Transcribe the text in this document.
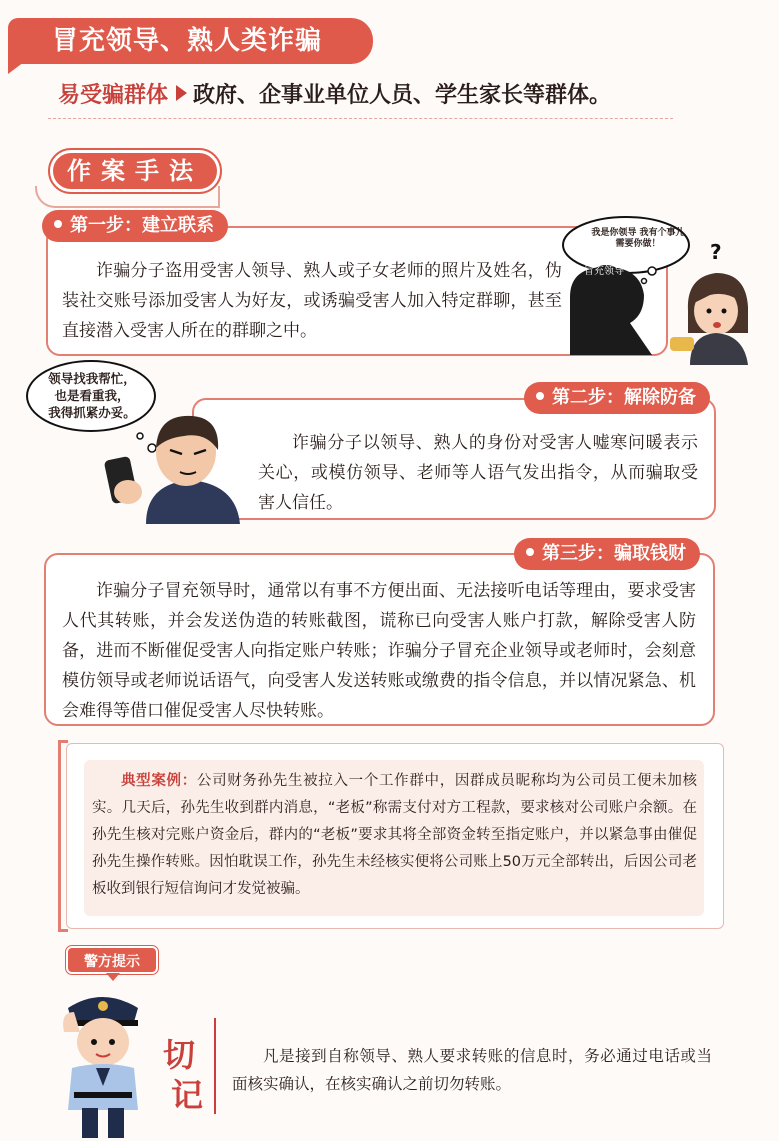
冒充领导、熟人类诈骗
易受骗群体 政府、企事业单位人员、学生家长等群体。
作案手法
第一步：建立联系
诈骗分子盗用受害人领导、熟人或子女老师的照片及姓名，伪装社交账号添加受害人为好友，或诱骗受害人加入特定群聊，甚至直接潜入受害人所在的群聊之中。
?
我是你领导 我有个事儿 需要你做！
冒充领导
第二步：解除防备
诈骗分子以领导、熟人的身份对受害人嘘寒问暖表示关心，或模仿领导、老师等人语气发出指令，从而骗取受害人信任。
领导找我帮忙，
也是看重我，
我得抓紧办妥。
第三步：骗取钱财
诈骗分子冒充领导时，通常以有事不方便出面、无法接听电话等理由，要求受害人代其转账，并会发送伪造的转账截图，谎称已向受害人账户打款，解除受害人防备，进而不断催促受害人向指定账户转账；诈骗分子冒充企业领导或老师时，会刻意模仿领导或老师说话语气，向受害人发送转账或缴费的指令信息，并以情况紧急、机会难得等借口催促受害人尽快转账。
典型案例：公司财务孙先生被拉入一个工作群中，因群成员昵称均为公司员工便未加核实。几天后，孙先生收到群内消息，“老板”称需支付对方工程款，要求核对公司账户余额。在孙先生核对完账户资金后，群内的“老板”要求其将全部资金转至指定账户，并以紧急事由催促孙先生操作转账。因怕耽误工作，孙先生未经核实便将公司账上50万元全部转出，后因公司老板收到银行短信询问才发觉被骗。
警方提示
切
记
凡是接到自称领导、熟人要求转账的信息时，务必通过电话或当面核实确认，在核实确认之前切勿转账。
